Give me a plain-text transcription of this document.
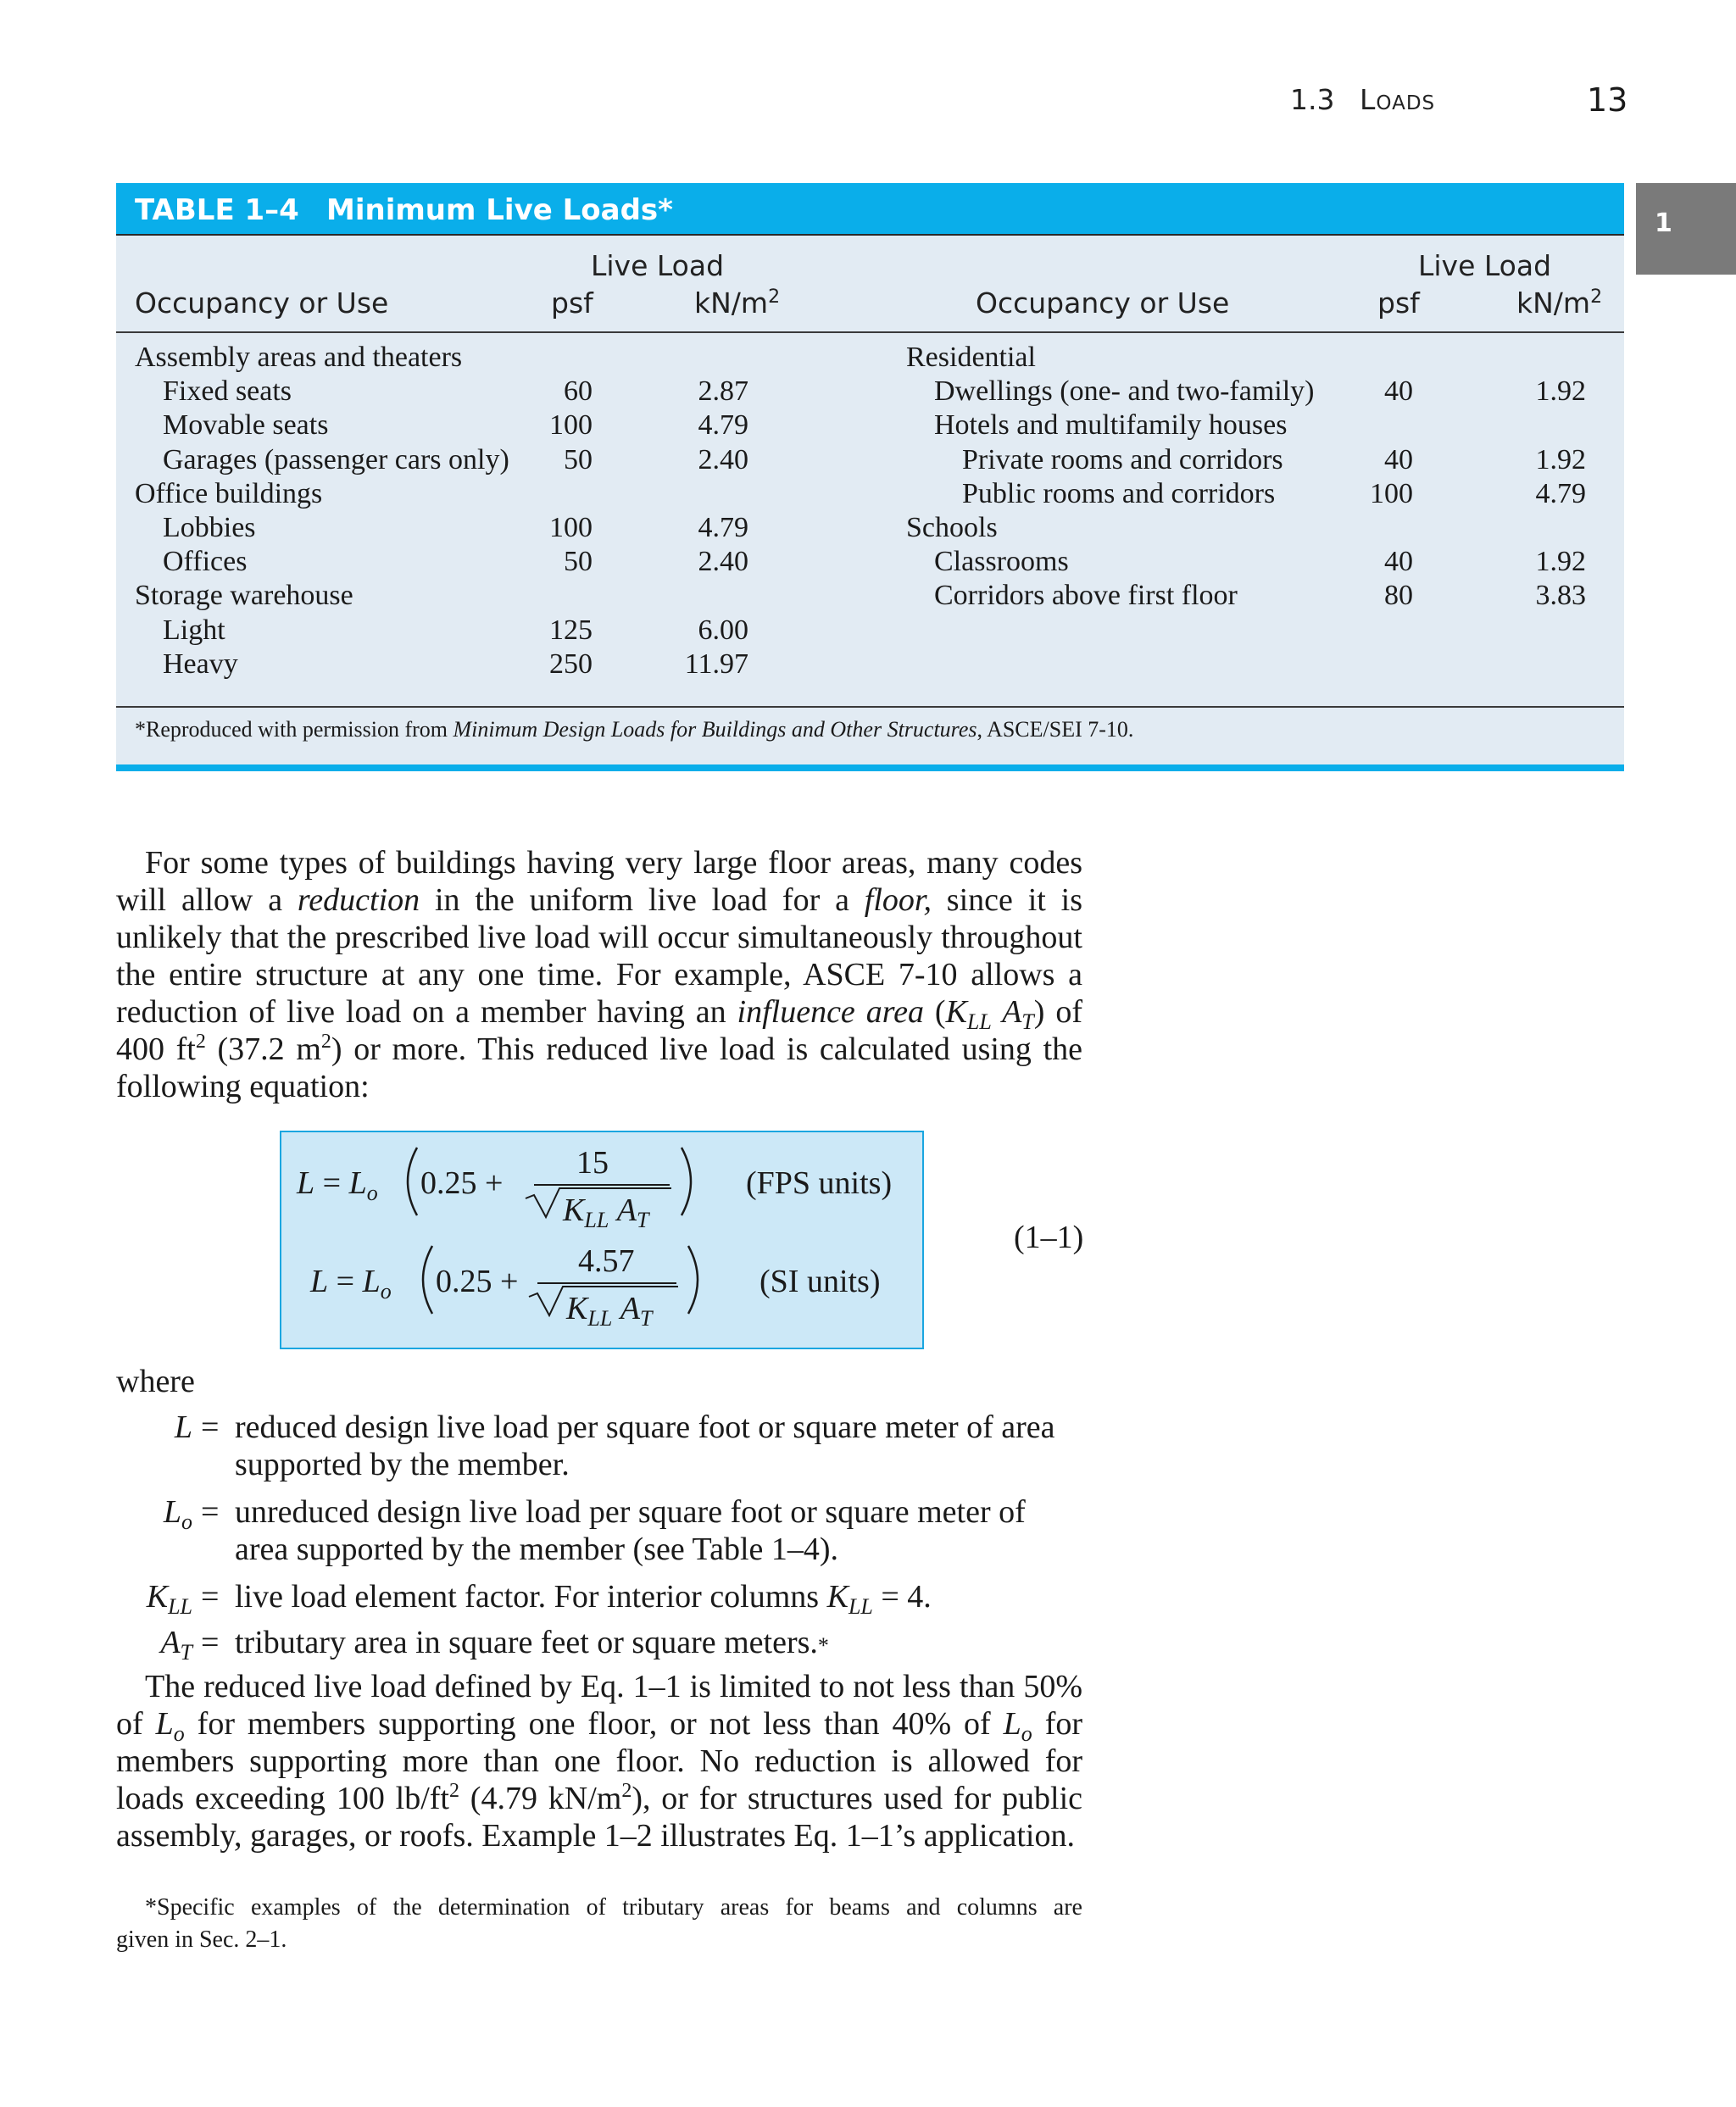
1.3 Loads	13
1
TABLE 1–4 Minimum Live Loads*
Live Load
Occupancy or Use	psf	$kN/m^2$
Live Load
Occupancy or Use	psf	$kN/m^2$
Assembly areas and theaters
Fixed seats	60	2.87
Movable seats	100	4.79
Garages (passenger cars only) 50	2.40
Office buildings
Lobbies	100	4.79
Offices	50	2.40
Storage warehouse
Light	125	6.00
Heavy	250	11.97
Residential
Dwellings (one- and two-family) 40	1.92
Hotels and multifamily houses
Private rooms and corridors	40	1.92
Public rooms and corridors	100	4.79
Schools
Classrooms	40	1.92
Corridors above first floor	80	3.83
*Reproduced with permission from Minimum Design Loads for Buildings and Other Structures, ASCE/SEI 7-10.
For some types of buildings having very large floor areas, many codes
will allow a reduction in the uniform live load for a floor, since it is
unlikely that the prescribed live load will occur simultaneously throughout
the entire structure at any one time. For example, ASCE 7-10 allows a
reduction of live load on a member having an influence area ($K_{LL}$ $A_T$) of
400 $ft^2$ (37.2 $m^2$) or more. This reduced live load is calculated using the
following equation:
$L = L_o$ 0.25 +
15
$K_{LL}$ $A_T$
(FPS units)
$L = L_o$ 0.25 +
4.57
$K_{LL}$ $A_T$
(SI units)
(1–1)
where
L = reduced design live load per square foot or square meter of area
supported by the member.
$L_o$ = unreduced design live load per square foot or square meter of
area supported by the member (see Table 1–4).
$K_{LL}$ = live load element factor. For interior columns $K_{LL} = 4$.
$A_T$ = tributary area in square feet or square meters.*
The reduced live load defined by Eq. 1–1 is limited to not less than 50%
of $L_o$ for members supporting one floor, or not less than 40% of $L_o$ for
members supporting more than one floor. No reduction is allowed for
loads exceeding 100 $lb/ft^2$ (4.79 $kN/m^2$), or for structures used for public
assembly, garages, or roofs. Example 1–2 illustrates Eq. 1–1’s application.
*Specific examples of the determination of tributary areas for beams and columns are
given in Sec. 2–1.
